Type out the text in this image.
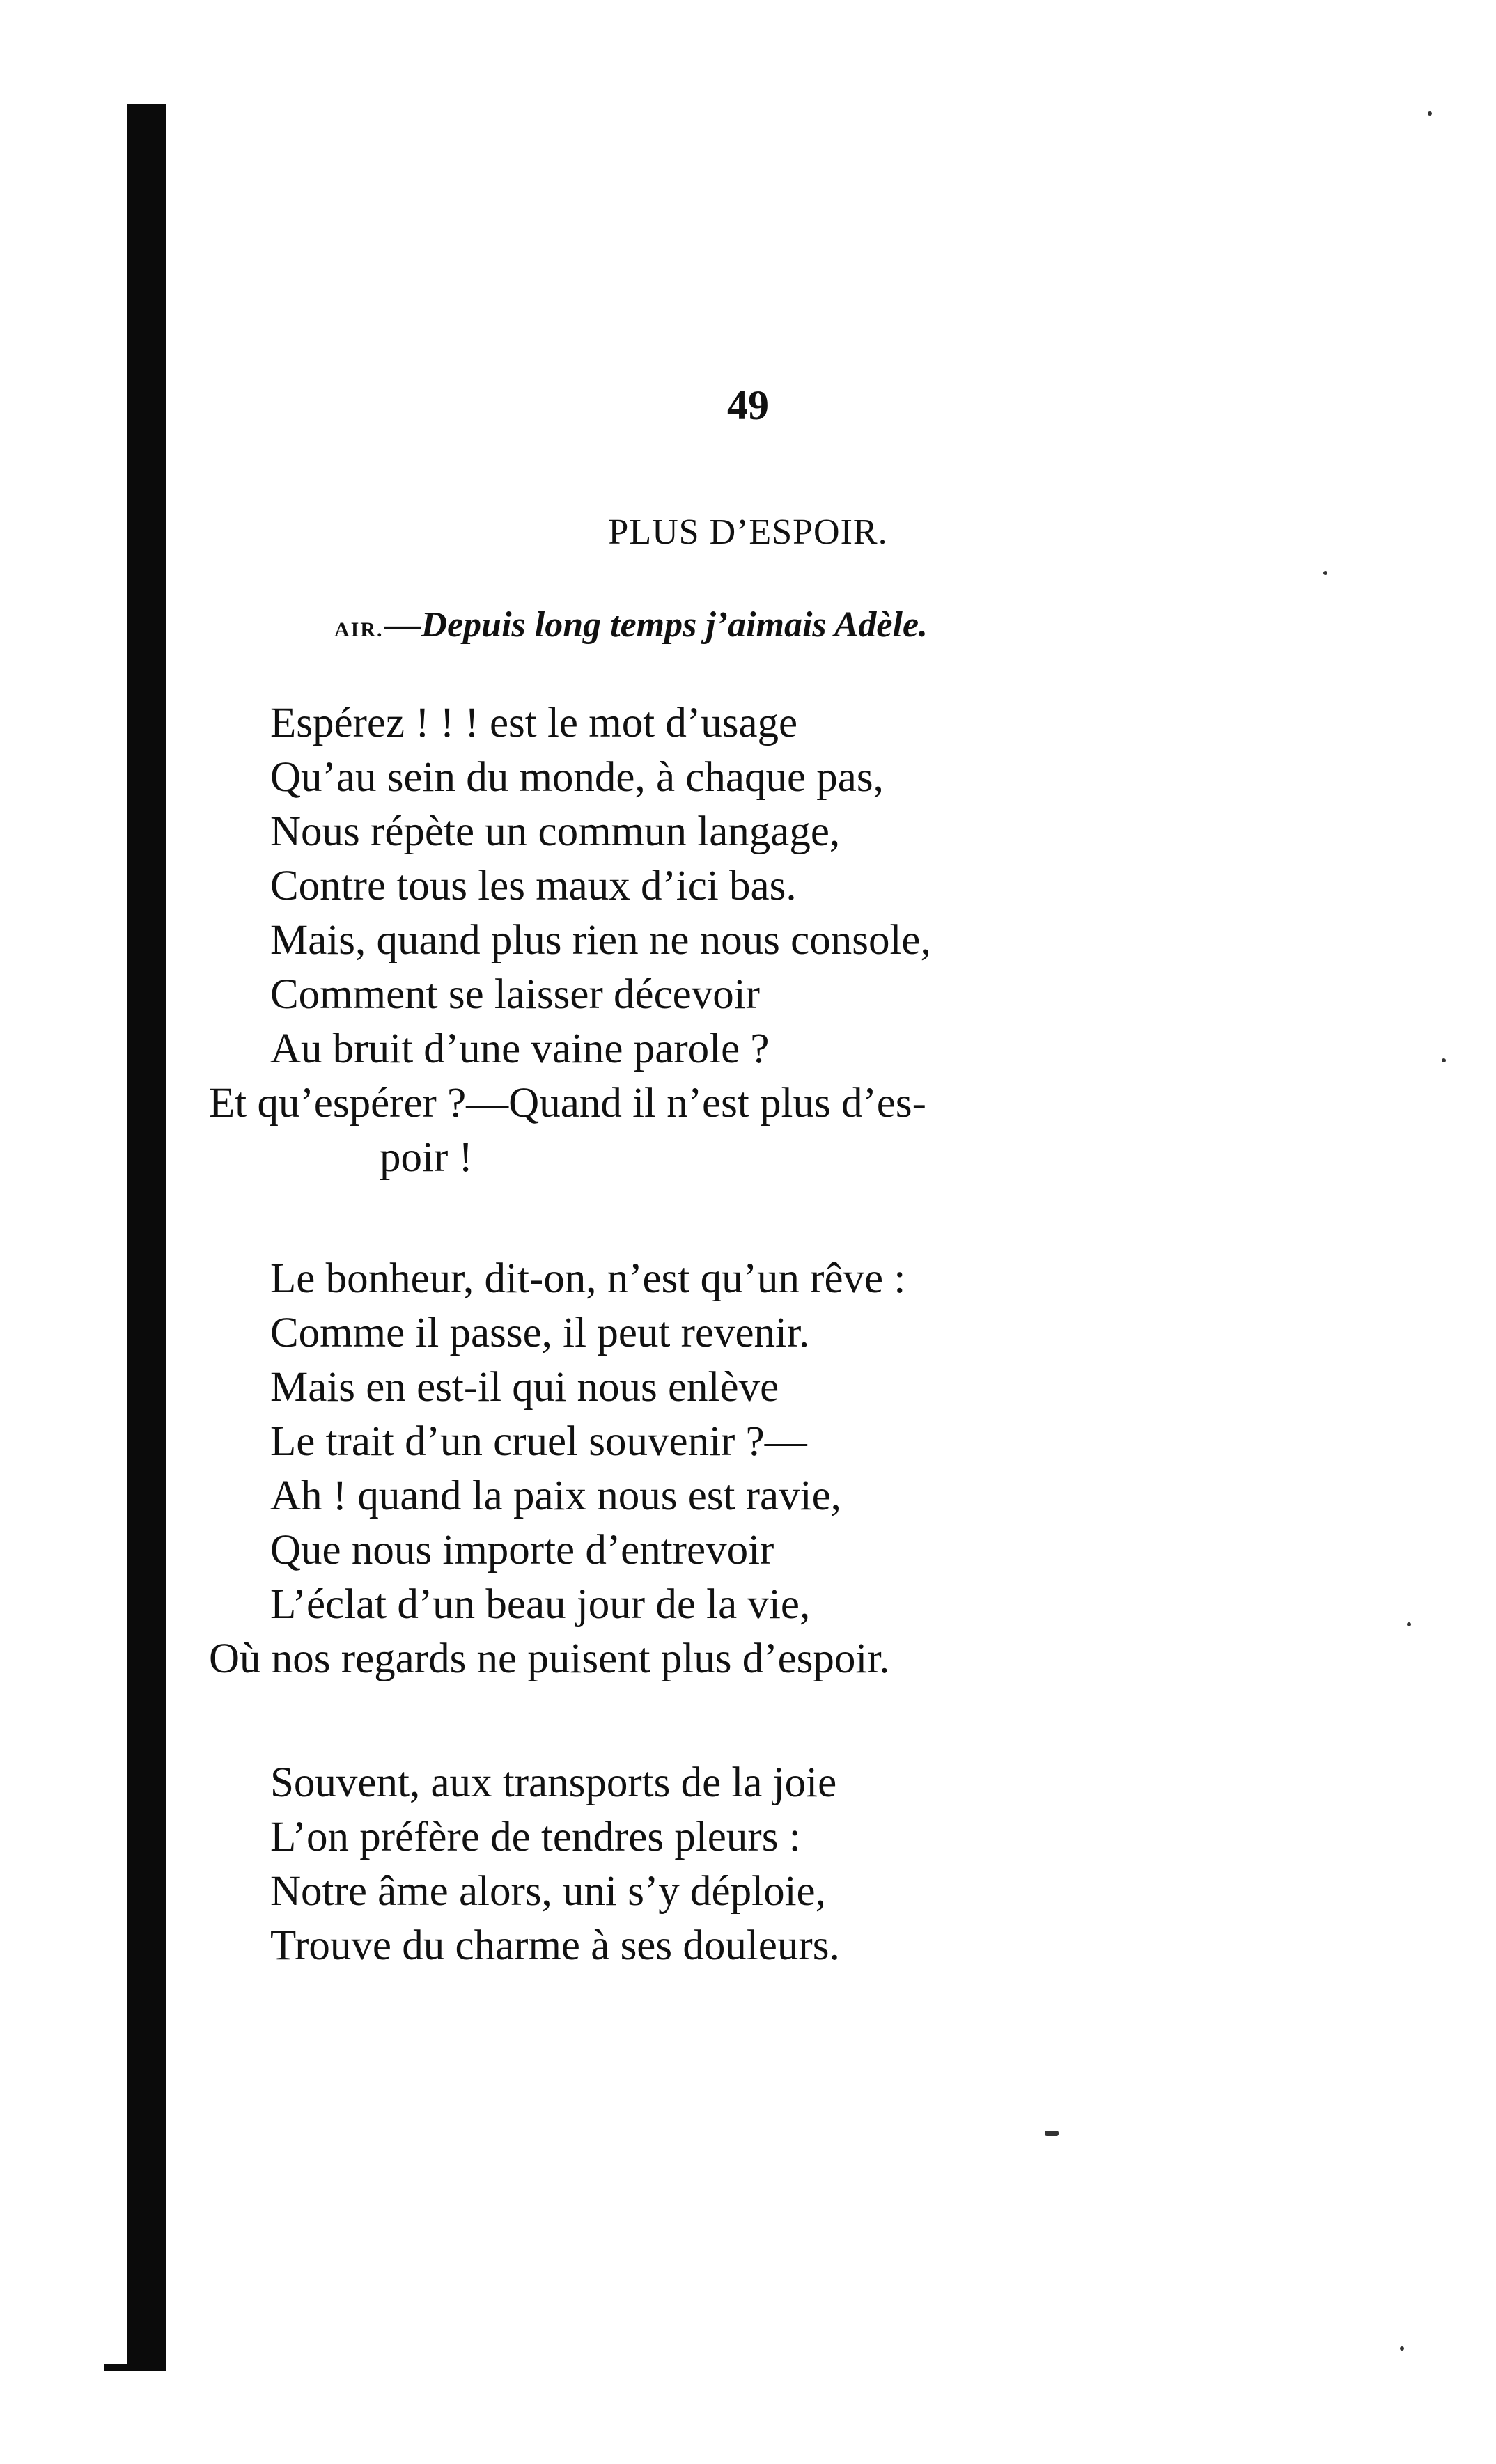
49
PLUS D’ESPOIR.
AIR.—Depuis long temps j’aimais Adèle.
Espérez ! ! ! est le mot d’usage
Qu’au sein du monde, à chaque pas,
Nous répète un commun langage,
Contre tous les maux d’ici bas.
Mais, quand plus rien ne nous console,
Comment se laisser décevoir
Au bruit d’une vaine parole ?
Et qu’espérer ?—Quand il n’est plus d’es-
poir !
Le bonheur, dit-on, n’est qu’un rêve :
Comme il passe, il peut revenir.
Mais en est-il qui nous enlève
Le trait d’un cruel souvenir ?—
Ah ! quand la paix nous est ravie,
Que nous importe d’entrevoir
L’éclat d’un beau jour de la vie,
Où nos regards ne puisent plus d’espoir.
Souvent, aux transports de la joie
L’on préfère de tendres pleurs :
Notre âme alors, uni s’y déploie,
Trouve du charme à ses douleurs.
